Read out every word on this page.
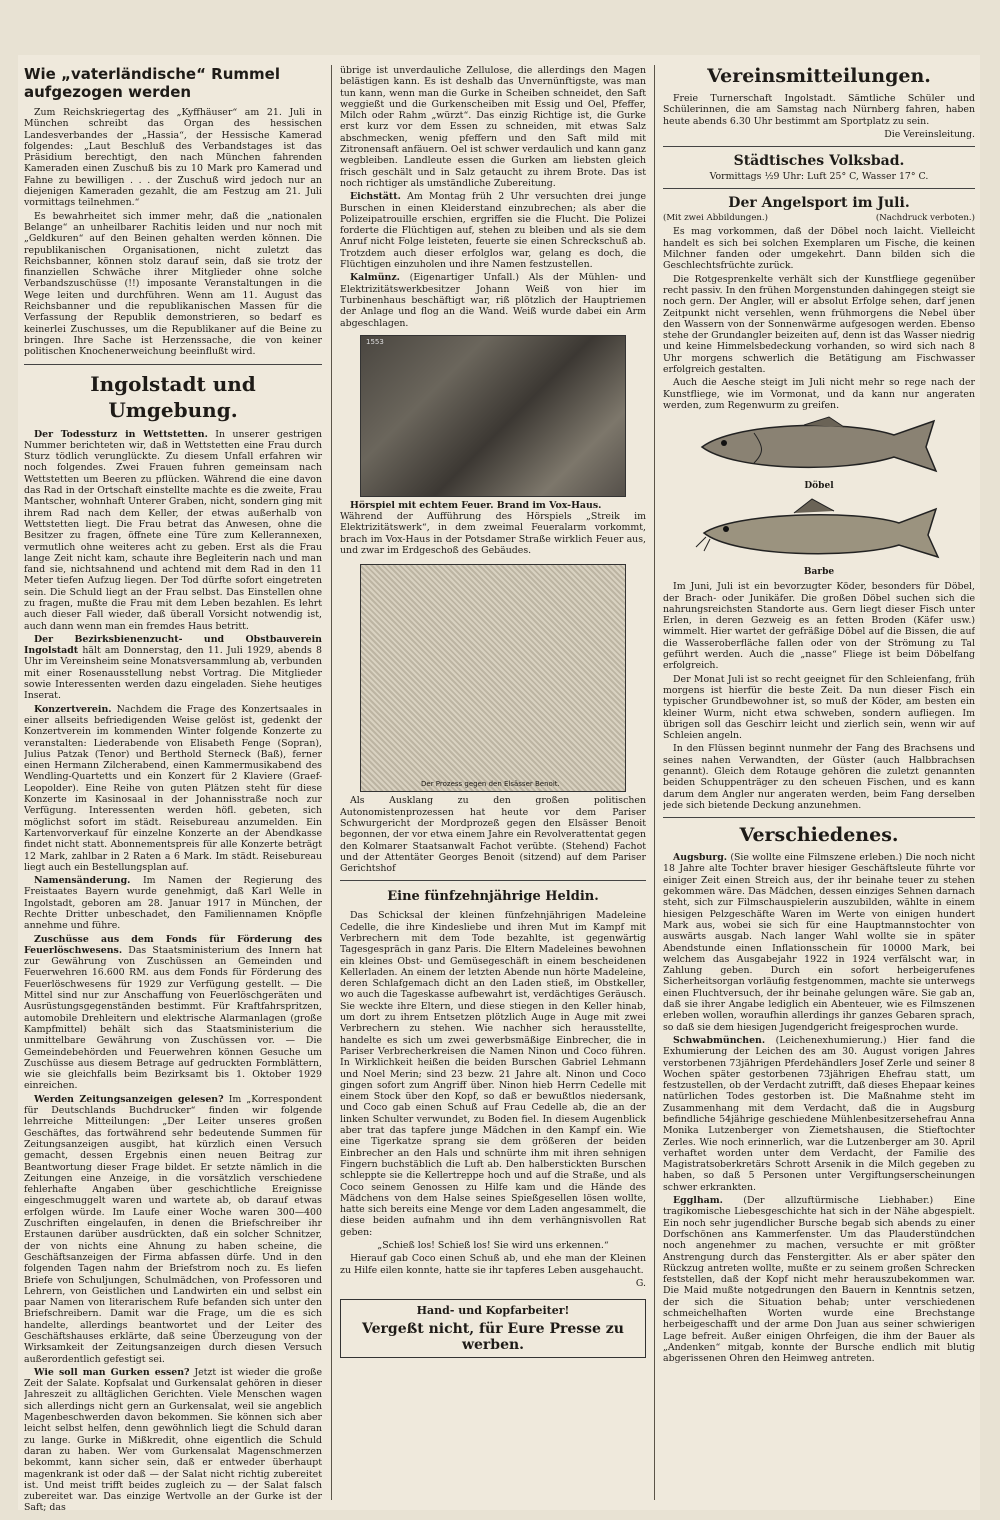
Wie „vaterländische“ Rummel aufgezogen werden

Zum Reichskriegertag des „Kyffhäuser“ am 21. Juli in München schreibt das Organ des hessischen Landesverbandes der „Hassia“, der Hessische Kamerad folgendes: „Laut Beschluß des Verbandstages ist das Präsidium berechtigt, den nach München fahrenden Kameraden einen Zuschuß bis zu 10 Mark pro Kamerad und Fahne zu bewilligen . . . der Zuschuß wird jedoch nur an diejenigen Kameraden gezahlt, die am Festzug am 21. Juli vormittags teilnehmen.“

Es bewahrheitet sich immer mehr, daß die „nationalen Belange“ an unheilbarer Rachitis leiden und nur noch mit „Geldkuren“ auf den Beinen gehalten werden können. Die republikanischen Organisationen, nicht zuletzt das Reichsbanner, können stolz darauf sein, daß sie trotz der finanziellen Schwäche ihrer Mitglieder ohne solche Verbandszuschüsse (!!) imposante Veranstaltungen in die Wege leiten und durchführen. Wenn am 11. August das Reichsbanner und die republikanischen Massen für die Verfassung der Republik demonstrieren, so bedarf es keinerlei Zuschusses, um die Republikaner auf die Beine zu bringen. Ihre Sache ist Herzenssache, die von keiner politischen Knochenerweichung beeinflußt wird.

Ingolstadt und Umgebung.

Der Todessturz in Wettstetten. In unserer gestrigen Nummer berichteten wir, daß in Wettstetten eine Frau durch Sturz tödlich verunglückte. Zu diesem Unfall erfahren wir noch folgendes. Zwei Frauen fuhren gemeinsam nach Wettstetten um Beeren zu pflücken. Während die eine davon das Rad in der Ortschaft einstellte machte es die zweite, Frau Mantscher, wohnhaft Unterer Graben, nicht, sondern ging mit ihrem Rad nach dem Keller, der etwas außerhalb von Wettstetten liegt. Die Frau betrat das Anwesen, ohne die Besitzer zu fragen, öffnete eine Türe zum Kellerannexen, vermutlich ohne weiteres acht zu geben. Erst als die Frau lange Zeit nicht kam, schaute ihre Begleiterin nach und man fand sie, nichtsahnend und achtend mit dem Rad in den 11 Meter tiefen Aufzug liegen. Der Tod dürfte sofort eingetreten sein. Die Schuld liegt an der Frau selbst. Das Einstellen ohne zu fragen, mußte die Frau mit dem Leben bezahlen. Es lehrt auch dieser Fall wieder, daß überall Vorsicht notwendig ist, auch dann wenn man ein fremdes Haus betritt.

Der Bezirksbienenzucht- und Obstbauverein Ingolstadt hält am Donnerstag, den 11. Juli 1929, abends 8 Uhr im Vereinsheim seine Monatsversammlung ab, verbunden mit einer Rosenausstellung nebst Vortrag. Die Mitglieder sowie Interessenten werden dazu eingeladen. Siehe heutiges Inserat.

Konzertverein. Nachdem die Frage des Konzertsaales in einer allseits befriedigenden Weise gelöst ist, gedenkt der Konzertverein im kommenden Winter folgende Konzerte zu veranstalten: Liederabende von Elisabeth Fenge (Sopran), Julius Patzak (Tenor) und Berthold Sterneck (Baß), ferner einen Hermann Zilcherabend, einen Kammermusikabend des Wendling-Quartetts und ein Konzert für 2 Klaviere (Graef-Leopolder). Eine Reihe von guten Plätzen steht für diese Konzerte im Kasinosaal in der Johannisstraße noch zur Verfügung. Interessenten werden höfl. gebeten, sich möglichst sofort im städt. Reisebureau anzumelden. Ein Kartenvorverkauf für einzelne Konzerte an der Abendkasse findet nicht statt. Abonnementspreis für alle Konzerte beträgt 12 Mark, zahlbar in 2 Raten a 6 Mark. Im städt. Reisebureau liegt auch ein Bestellungsplan auf.

Namensänderung. Im Namen der Regierung des Freistaates Bayern wurde genehmigt, daß Karl Welle in Ingolstadt, geboren am 28. Januar 1917 in München, der Rechte Dritter unbeschadet, den Familiennamen Knöpfle annehme und führe.

Zuschüsse aus dem Fonds für Förderung des Feuerlöschwesens. Das Staatsministerium des Innern hat zur Gewährung von Zuschüssen an Gemeinden und Feuerwehren 16.600 RM. aus dem Fonds für Förderung des Feuerlöschwesens für 1929 zur Verfügung gestellt. — Die Mittel sind nur zur Anschaffung von Feuerlöschgeräten und Ausrüstungsgegenständen bestimmt. Für Kraftfahrspritzen, automobile Drehleitern und elektrische Alarmanlagen (große Kampfmittel) behält sich das Staatsministerium die unmittelbare Gewährung von Zuschüssen vor. — Die Gemeindebehörden und Feuerwehren können Gesuche um Zuschüsse aus diesem Betrage auf gedruckten Formblättern, wie sie gleichfalls beim Bezirksamt bis 1. Oktober 1929 einreichen.

Werden Zeitungsanzeigen gelesen? Im „Korrespondent für Deutschlands Buchdrucker“ finden wir folgende lehrreiche Mitteilungen: „Der Leiter unseres großen Geschäftes, das fortwährend sehr bedeutende Summen für Zeitungsanzeigen ausgibt, hat kürzlich einen Versuch gemacht, dessen Ergebnis einen neuen Beitrag zur Beantwortung dieser Frage bildet. Er setzte nämlich in die Zeitungen eine Anzeige, in die vorsätzlich verschiedene fehlerhafte Angaben über geschichtliche Ereignisse eingeschmuggelt waren und wartete ab, ob darauf etwas erfolgen würde. Im Laufe einer Woche waren 300—400 Zuschriften eingelaufen, in denen die Briefschreiber ihr Erstaunen darüber ausdrückten, daß ein solcher Schnitzer, der von nichts eine Ahnung zu haben scheine, die Geschäftsanzeigen der Firma abfassen dürfe. Und in den folgenden Tagen nahm der Briefstrom noch zu. Es liefen Briefe von Schuljungen, Schulmädchen, von Professoren und Lehrern, von Geistlichen und Landwirten ein und selbst ein paar Namen von literarischem Rufe befanden sich unter den Briefschreibern. Damit war die Frage, um die es sich handelte, allerdings beantwortet und der Leiter des Geschäftshauses erklärte, daß seine Überzeugung von der Wirksamkeit der Zeitungsanzeigen durch diesen Versuch außerordentlich gefestigt sei.

Wie soll man Gurken essen? Jetzt ist wieder die große Zeit der Salate. Kopfsalat und Gurkensalat gehören in dieser Jahreszeit zu alltäglichen Gerichten. Viele Menschen wagen sich allerdings nicht gern an Gurkensalat, weil sie angeblich Magenbeschwerden davon bekommen. Sie können sich aber leicht selbst helfen, denn gewöhnlich liegt die Schuld daran zu lange. Gurke in Mißkredit, ohne eigentlich die Schuld daran zu haben. Wer vom Gurkensalat Magenschmerzen bekommt, kann sicher sein, daß er entweder überhaupt magenkrank ist oder daß — der Salat nicht richtig zubereitet ist. Und meist trifft beides zugleich zu — der Salat falsch zubereitet war. Das einzige Wertvolle an der Gurke ist der Saft; das

übrige ist unverdauliche Zellulose, die allerdings den Magen belästigen kann. Es ist deshalb das Unvernünftigste, was man tun kann, wenn man die Gurke in Scheiben schneidet, den Saft weggießt und die Gurkenscheiben mit Essig und Oel, Pfeffer, Milch oder Rahm „würzt“. Das einzig Richtige ist, die Gurke erst kurz vor dem Essen zu schneiden, mit etwas Salz abschmecken, wenig pfeffern und den Saft mild mit Zitronensaft anfäuern. Oel ist schwer verdaulich und kann ganz wegbleiben. Landleute essen die Gurken am liebsten gleich frisch geschält und in Salz getaucht zu ihrem Brote. Das ist noch richtiger als umständliche Zubereitung.

Eichstätt. Am Montag früh 2 Uhr versuchten drei junge Burschen in einen Kleiderstand einzubrechen; als aber die Polizeipatrouille erschien, ergriffen sie die Flucht. Die Polizei forderte die Flüchtigen auf, stehen zu bleiben und als sie dem Anruf nicht Folge leisteten, feuerte sie einen Schreckschuß ab. Trotzdem auch dieser erfolglos war, gelang es doch, die Flüchtigen einzuholen und ihre Namen festzustellen.

Kalmünz. (Eigenartiger Unfall.) Als der Mühlen- und Elektrizitätswerkbesitzer Johann Weiß von hier im Turbinenhaus beschäftigt war, riß plötzlich der Hauptriemen der Anlage und flog an die Wand. Weiß wurde dabei ein Arm abgeschlagen.

1553

Hörspiel mit echtem Feuer. Brand im Vox-Haus.
Während der Aufführung des Hörspiels „Streik im Elektrizitätswerk“, in dem zweimal Feueralarm vorkommt, brach im Vox-Haus in der Potsdamer Straße wirklich Feuer aus, und zwar im Erdgeschoß des Gebäudes.

Der Prozess gegen den Elsässer Benoit.

Als Ausklang zu den großen politischen Autonomistenprozessen hat heute vor dem Pariser Schwurgericht der Mordprozeß gegen den Elsässer Benoit begonnen, der vor etwa einem Jahre ein Revolverattentat gegen den Kolmarer Staatsanwalt Fachot verübte. (Stehend) Fachot und der Attentäter Georges Benoit (sitzend) auf dem Pariser Gerichtshof

Eine fünfzehnjährige Heldin.

Das Schicksal der kleinen fünfzehnjährigen Madeleine Cedelle, die ihre Kindesliebe und ihren Mut im Kampf mit Verbrechern mit dem Tode bezahlte, ist gegenwärtig Tagesgespräch in ganz Paris. Die Eltern Madeleines bewohnen ein kleines Obst- und Gemüsegeschäft in einem bescheidenen Kellerladen. An einem der letzten Abende nun hörte Madeleine, deren Schlafgemach dicht an den Laden stieß, im Obstkeller, wo auch die Tageskasse aufbewahrt ist, verdächtiges Geräusch. Sie weckte ihre Eltern, und diese stiegen in den Keller hinab, um dort zu ihrem Entsetzen plötzlich Auge in Auge mit zwei Verbrechern zu stehen. Wie nachher sich herausstellte, handelte es sich um zwei gewerbsmäßige Einbrecher, die in Pariser Verbrecherkreisen die Namen Ninon und Coco führen. In Wirklichkeit heißen die beiden Burschen Gabriel Lehmann und Noel Merin; sind 23 bezw. 21 Jahre alt. Ninon und Coco gingen sofort zum Angriff über. Ninon hieb Herrn Cedelle mit einem Stock über den Kopf, so daß er bewußtlos niedersank, und Coco gab einen Schuß auf Frau Cedelle ab, die an der linken Schulter verwundet, zu Boden fiel. In diesem Augenblick aber trat das tapfere junge Mädchen in den Kampf ein. Wie eine Tigerkatze sprang sie dem größeren der beiden Einbrecher an den Hals und schnürte ihm mit ihren sehnigen Fingern buchstäblich die Luft ab. Den halberstickten Burschen schleppte sie die Kellertreppe hoch und auf die Straße, und als Coco seinem Genossen zu Hilfe kam und die Hände des Mädchens von dem Halse seines Spießgesellen lösen wollte, hatte sich bereits eine Menge vor dem Laden angesammelt, die diese beiden aufnahm und ihn dem verhängnisvollen Rat geben:

„Schieß los! Schieß los! Sie wird uns erkennen.“

Hierauf gab Coco einen Schuß ab, und ehe man der Kleinen zu Hilfe eilen konnte, hatte sie ihr tapferes Leben ausgehaucht.

G.

Hand- und Kopfarbeiter!
Vergeßt nicht, für Eure Presse zu werben.
Vereinsmitteilungen.

Freie Turnerschaft Ingolstadt. Sämtliche Schüler und Schülerinnen, die am Samstag nach Nürnberg fahren, haben heute abends 6.30 Uhr bestimmt am Sportplatz zu sein.

Die Vereinsleitung.

Städtisches Volksbad.

Vormittags ½9 Uhr: Luft 25° C, Wasser 17° C.

Der Angelsport im Juli.
(Mit zwei Abbildungen.)	(Nachdruck verboten.)

Es mag vorkommen, daß der Döbel noch laicht. Vielleicht handelt es sich bei solchen Exemplaren um Fische, die keinen Milchner fanden oder umgekehrt. Dann bilden sich die Geschlechtsfrüchte zurück.

Die Rotgesprenkelte verhält sich der Kunstfliege gegenüber recht passiv. In den frühen Morgenstunden dahingegen steigt sie noch gern. Der Angler, will er absolut Erfolge sehen, darf jenen Zeitpunkt nicht versehlen, wenn frühmorgens die Nebel über den Wassern von der Sonnenwärme aufgesogen werden. Ebenso stehe der Grundangler beizeiten auf, denn ist das Wasser niedrig und keine Himmelsbedeckung vorhanden, so wird sich nach 8 Uhr morgens schwerlich die Betätigung am Fischwasser erfolgreich gestalten.

Auch die Aesche steigt im Juli nicht mehr so rege nach der Kunstfliege, wie im Vormonat, und da kann nur angeraten werden, zum Regenwurm zu greifen.

Döbel
Barbe

Im Juni, Juli ist ein bevorzugter Köder, besonders für Döbel, der Brach- oder Junikäfer. Die großen Döbel suchen sich die nahrungsreichsten Standorte aus. Gern liegt dieser Fisch unter Erlen, in deren Gezweig es an fetten Broden (Käfer usw.) wimmelt. Hier wartet der gefräßige Döbel auf die Bissen, die auf die Wasseroberfläche fallen oder von der Strömung zu Tal geführt werden. Auch die „nasse“ Fliege ist beim Döbelfang erfolgreich.

Der Monat Juli ist so recht geeignet für den Schleienfang, früh morgens ist hierfür die beste Zeit. Da nun dieser Fisch ein typischer Grundbewohner ist, so muß der Köder, am besten ein kleiner Wurm, nicht etwa schweben, sondern aufliegen. Im übrigen soll das Geschirr leicht und zierlich sein, wenn wir auf Schleien angeln.

In den Flüssen beginnt nunmehr der Fang des Brachsens und seines nahen Verwandten, der Güster (auch Halbbrachsen genannt). Gleich dem Rotauge gehören die zuletzt genannten beiden Schuppenträger zu den scheuen Fischen, und es kann darum dem Angler nur angeraten werden, beim Fang derselben jede sich bietende Deckung anzunehmen.

Verschiedenes.

Augsburg. (Sie wollte eine Filmszene erleben.) Die noch nicht 18 Jahre alte Tochter braver hiesiger Geschäftsleute führte vor einiger Zeit einen Streich aus, der ihr beinahe teuer zu stehen gekommen wäre. Das Mädchen, dessen einziges Sehnen darnach steht, sich zur Filmschauspielerin auszubilden, wählte in einem hiesigen Pelzgeschäfte Waren im Werte von einigen hundert Mark aus, wobei sie sich für eine Hauptmannstochter von auswärts ausgab. Nach langer Wahl wollte sie in später Abendstunde einen Inflationsschein für 10000 Mark, bei welchem das Ausgabejahr 1922 in 1924 verfälscht war, in Zahlung geben. Durch ein sofort herbeigerufenes Sicherheitsorgan vorläufig festgenommen, machte sie unterwegs einen Fluchtversuch, der ihr beinahe gelungen wäre. Sie gab an, daß sie ihrer Angabe lediglich ein Abenteuer, wie es Filmszenen erleben wollen, woraufhin allerdings ihr ganzes Gebaren sprach, so daß sie dem hiesigen Jugendgericht freigesprochen wurde.

Schwabmünchen. (Leichenexhumierung.) Hier fand die Exhumierung der Leichen des am 30. August vorigen Jahres verstorbenen 73jährigen Pferdehändlers Josef Zerle und seiner 8 Wochen später gestorbenen 73jährigen Ehefrau statt, um festzustellen, ob der Verdacht zutrifft, daß dieses Ehepaar keines natürlichen Todes gestorben ist. Die Maßnahme steht im Zusammenhang mit dem Verdacht, daß die in Augsburg befindliche 54jährige geschiedene Mühlenbesitzersehefrau Anna Monika Lutzenberger von Ziemetshausen, die Stieftochter Zerles. Wie noch erinnerlich, war die Lutzenberger am 30. April verhaftet worden unter dem Verdacht, der Familie des Magistratsoberkretärs Schrott Arsenik in die Milch gegeben zu haben, so daß 5 Personen unter Vergiftungserscheinungen schwer erkrankten.

Egglham. (Der allzuftürmische Liebhaber.) Eine tragikomische Liebesgeschichte hat sich in der Nähe abgespielt. Ein noch sehr jugendlicher Bursche begab sich abends zu einer Dorfschönen ans Kammerfenster. Um das Plauderstündchen noch angenehmer zu machen, versuchte er mit größter Anstrengung durch das Fenstergitter. Als er aber später den Rückzug antreten wollte, mußte er zu seinem großen Schrecken feststellen, daß der Kopf nicht mehr herauszubekommen war. Die Maid mußte notgedrungen den Bauern in Kenntnis setzen, der sich die Situation behab; unter verschiedenen schmeichelhaften Worten wurde eine Brechstange herbeigeschafft und der arme Don Juan aus seiner schwierigen Lage befreit. Außer einigen Ohrfeigen, die ihm der Bauer als „Andenken“ mitgab, konnte der Bursche endlich mit blutig abgerissenen Ohren den Heimweg antreten.
